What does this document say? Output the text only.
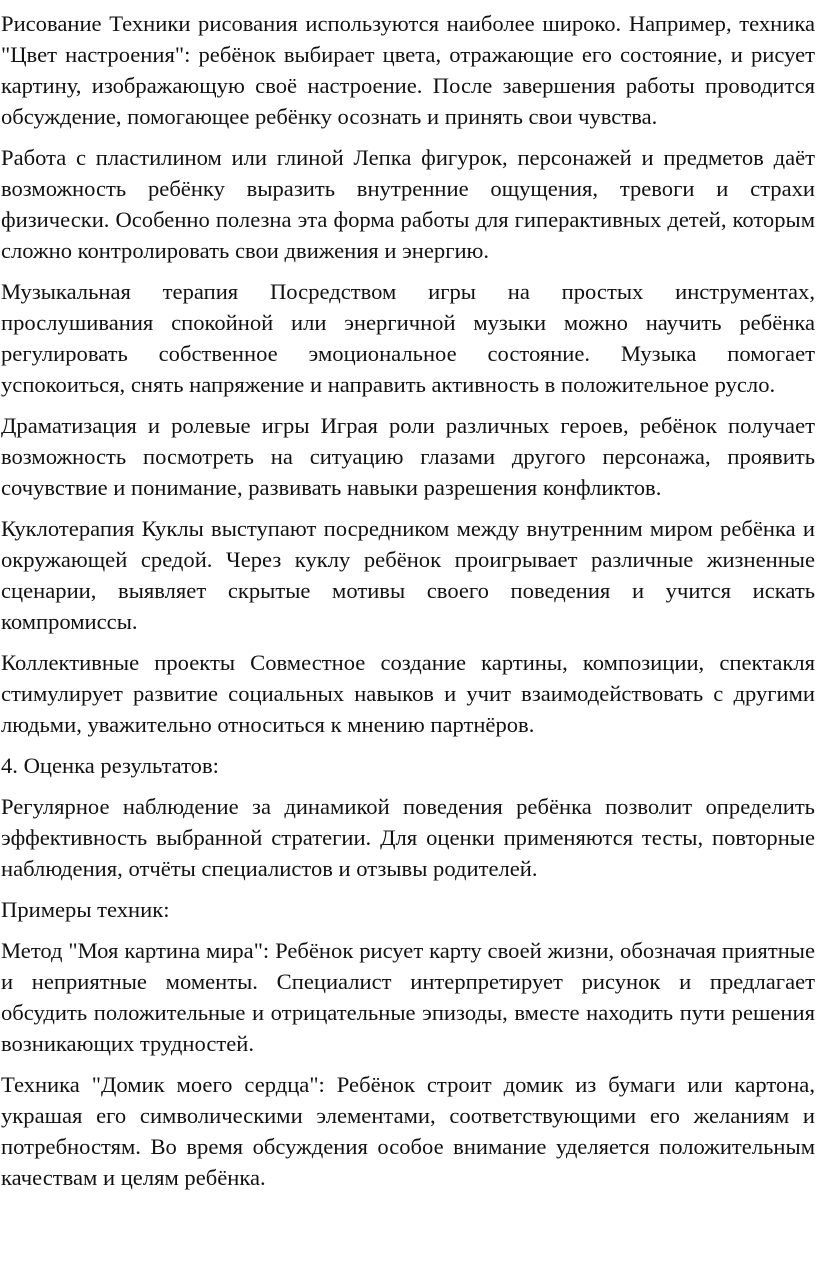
Рисование Техники рисования используются наиболее широко. Например, техника "Цвет настроения": ребёнок выбирает цвета, отражающие его состояние, и рисует картину, изображающую своё настроение. После завершения работы проводится обсуждение, помогающее ребёнку осознать и принять свои чувства.

Работа с пластилином или глиной Лепка фигурок, персонажей и предметов даёт возможность ребёнку выразить внутренние ощущения, тревоги и страхи физически. Особенно полезна эта форма работы для гиперактивных детей, которым сложно контролировать свои движения и энергию.

Музыкальная терапия Посредством игры на простых инструментах, прослушивания спокойной или энергичной музыки можно научить ребёнка регулировать собственное эмоциональное состояние. Музыка помогает успокоиться, снять напряжение и направить активность в положительное русло.

Драматизация и ролевые игры Играя роли различных героев, ребёнок получает возможность посмотреть на ситуацию глазами другого персонажа, проявить сочувствие и понимание, развивать навыки разрешения конфликтов.

Куклотерапия Куклы выступают посредником между внутренним миром ребёнка и окружающей средой. Через куклу ребёнок проигрывает различные жизненные сценарии, выявляет скрытые мотивы своего поведения и учится искать компромиссы.

Коллективные проекты Совместное создание картины, композиции, спектакля стимулирует развитие социальных навыков и учит взаимодействовать с другими людьми, уважительно относиться к мнению партнёров.

4. Оценка результатов:

Регулярное наблюдение за динамикой поведения ребёнка позволит определить эффективность выбранной стратегии. Для оценки применяются тесты, повторные наблюдения, отчёты специалистов и отзывы родителей.

Примеры техник:

Метод "Моя картина мира": Ребёнок рисует карту своей жизни, обозначая приятные и неприятные моменты. Специалист интерпретирует рисунок и предлагает обсудить положительные и отрицательные эпизоды, вместе находить пути решения возникающих трудностей.

Техника "Домик моего сердца": Ребёнок строит домик из бумаги или картона, украшая его символическими элементами, соответствующими его желаниям и потребностям. Во время обсуждения особое внимание уделяется положительным качествам и целям ребёнка.
